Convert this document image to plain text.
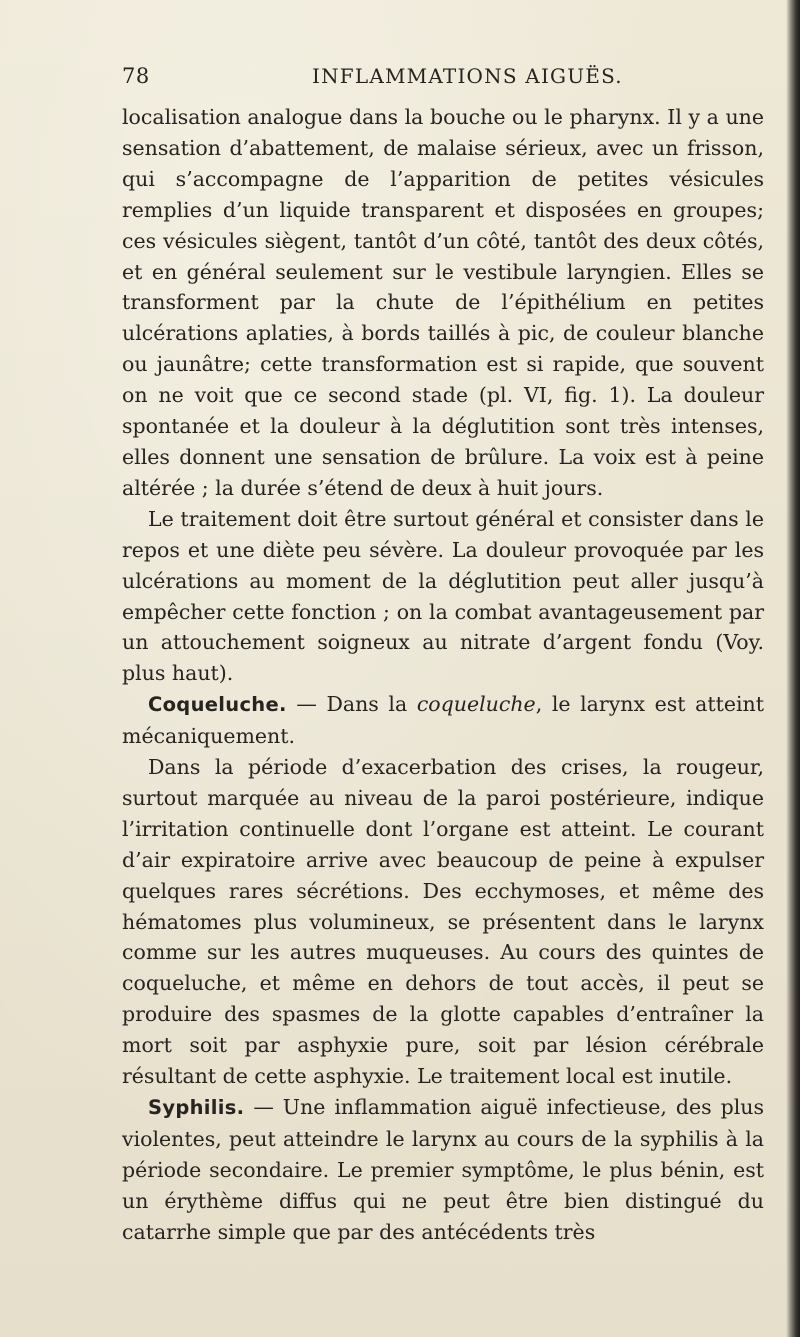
78	INFLAMMATIONS AIGUËS.

localisation analogue dans la bouche ou le pharynx. Il y a une sensation d’abattement, de malaise sérieux, avec un frisson, qui s’accompagne de l’apparition de petites vésicules remplies d’un liquide transparent et disposées en groupes; ces vésicules siègent, tantôt d’un côté, tantôt des deux côtés, et en général seulement sur le vestibule laryngien. Elles se transforment par la chute de l’épithélium en petites ulcérations aplaties, à bords taillés à pic, de couleur blanche ou jaunâtre; cette transformation est si rapide, que souvent on ne voit que ce second stade (pl. VI, fig. 1). La douleur spontanée et la douleur à la déglutition sont très intenses, elles donnent une sensation de brûlure. La voix est à peine altérée ; la durée s’étend de deux à huit jours.

Le traitement doit être surtout général et consister dans le repos et une diète peu sévère. La douleur provoquée par les ulcérations au moment de la déglutition peut aller jusqu’à empêcher cette fonction ; on la combat avantageusement par un attouchement soigneux au nitrate d’argent fondu (Voy. plus haut).

Coqueluche. — Dans la coqueluche, le larynx est atteint mécaniquement.

Dans la période d’exacerbation des crises, la rougeur, surtout marquée au niveau de la paroi postérieure, indique l’irritation continuelle dont l’organe est atteint. Le courant d’air expiratoire arrive avec beaucoup de peine à expulser quelques rares sécrétions. Des ecchymoses, et même des hématomes plus volumineux, se présentent dans le larynx comme sur les autres muqueuses. Au cours des quintes de coqueluche, et même en dehors de tout accès, il peut se produire des spasmes de la glotte capables d’entraîner la mort soit par asphyxie pure, soit par lésion cérébrale résultant de cette asphyxie. Le traitement local est inutile.

Syphilis. — Une inflammation aiguë infectieuse, des plus violentes, peut atteindre le larynx au cours de la syphilis à la période secondaire. Le premier symptôme, le plus bénin, est un érythème diffus qui ne peut être bien distingué du catarrhe simple que par des antécédents très
